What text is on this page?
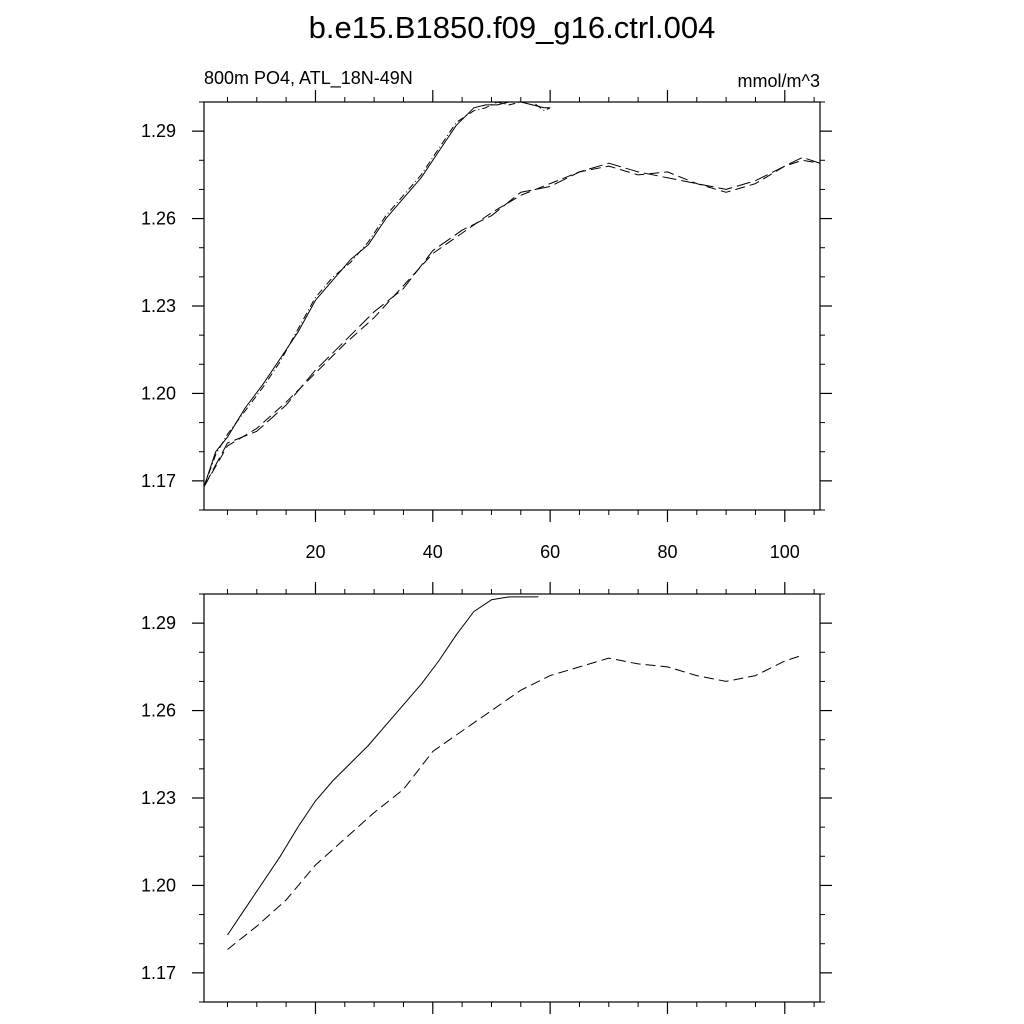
b.e15.B1850.f09_g16.ctrl.004
800m PO4, ATL_18N-49N	mmol/m^3
20	40	60	80	100
1.17
1.20
1.23
1.26
1.29
1.17
1.20
1.23
1.26
1.29
